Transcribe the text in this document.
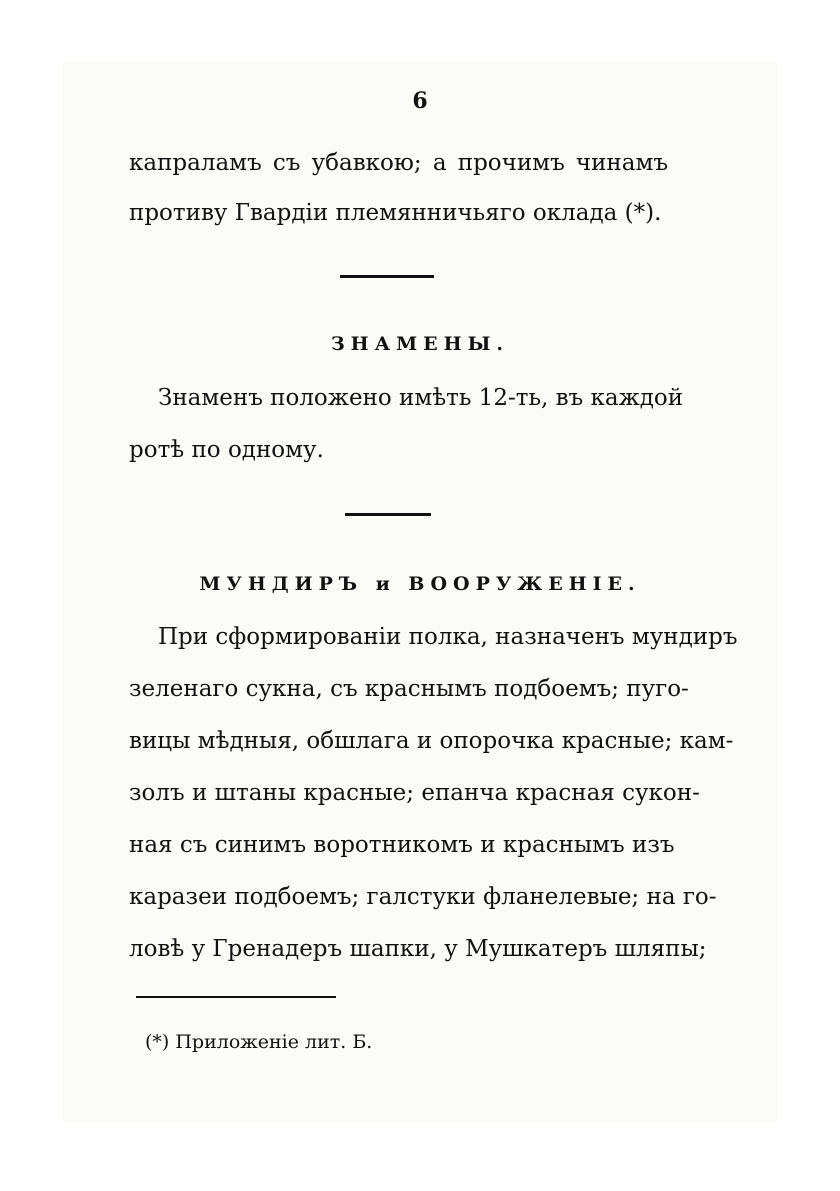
6
капраламъ съ убавкою; а прочимъ чинамъ
противу Гвардіи племянничьяго оклада (*).
ЗНАМЕНЫ.
Знаменъ положено имѣть 12-ть, въ каждой
ротѣ по одному.
МУНДИРЪ и ВООРУЖЕНІЕ.
При сформированіи полка, назначенъ мундиръ
зеленаго сукна, съ краснымъ подбоемъ; пуго-
вицы мѣдныя, обшлага и опорочка красные; кам-
золъ и штаны красные; епанча красная сукон-
ная съ синимъ воротникомъ и краснымъ изъ
каразеи подбоемъ; галстуки фланелевые; на го-
ловѣ у Гренадеръ шапки, у Мушкатеръ шляпы;
(*) Приложеніе лит. Б.
